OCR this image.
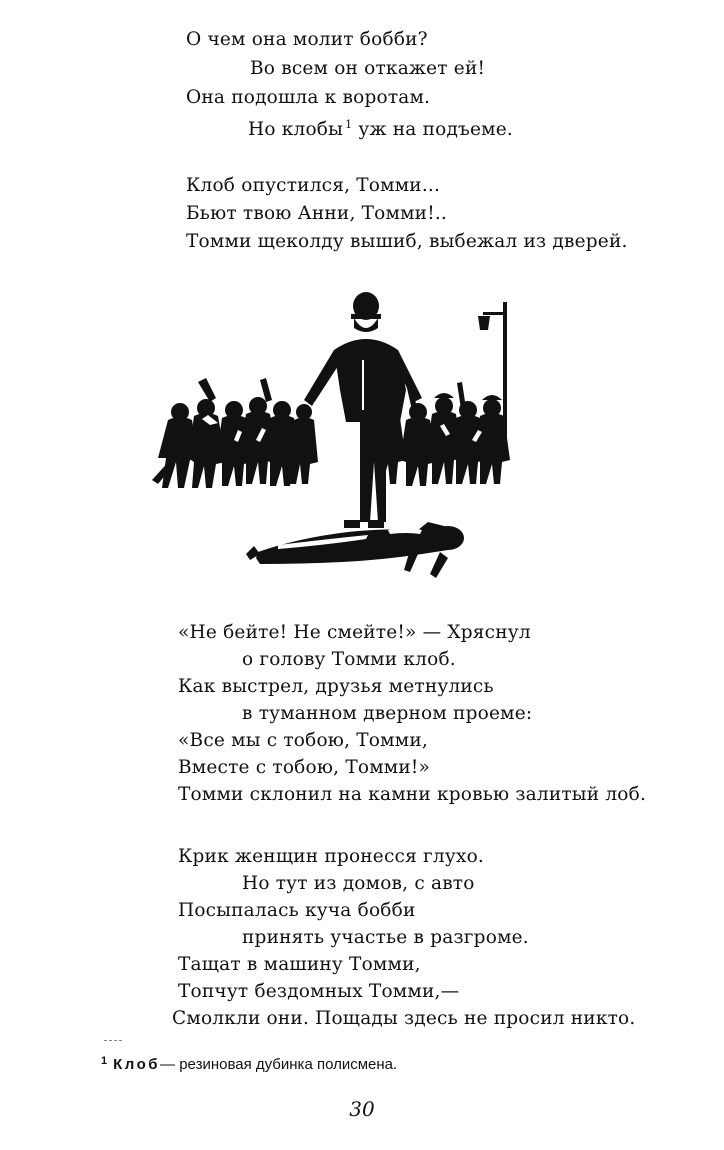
О чем она молит бобби?
Во всем он откажет ей!
Она подошла к воротам.
Но клобы $^1$ уж на подъеме.
Клоб опустился, Томми...
Бьют твою Анни, Томми!..
Томми щеколду вышиб, выбежал из дверей.
«Не бейте! Не смейте!» — Хряснул
о голову Томми клоб.
Как выстрел, друзья метнулись
в туманном дверном проеме:
«Все мы с тобою, Томми,
Вместе с тобою, Томми!»
Томми склонил на камни кровью залитый лоб.
Крик женщин пронесся глухо.
Но тут из домов, с авто
Посыпалась куча бобби
принять участье в разгроме.
Тащат в машину Томми,
Топчут бездомных Томми,—
Смолкли они. Пощады здесь не просил никто.
$^1$ Клоб— резиновая дубинка полисмена.
30
